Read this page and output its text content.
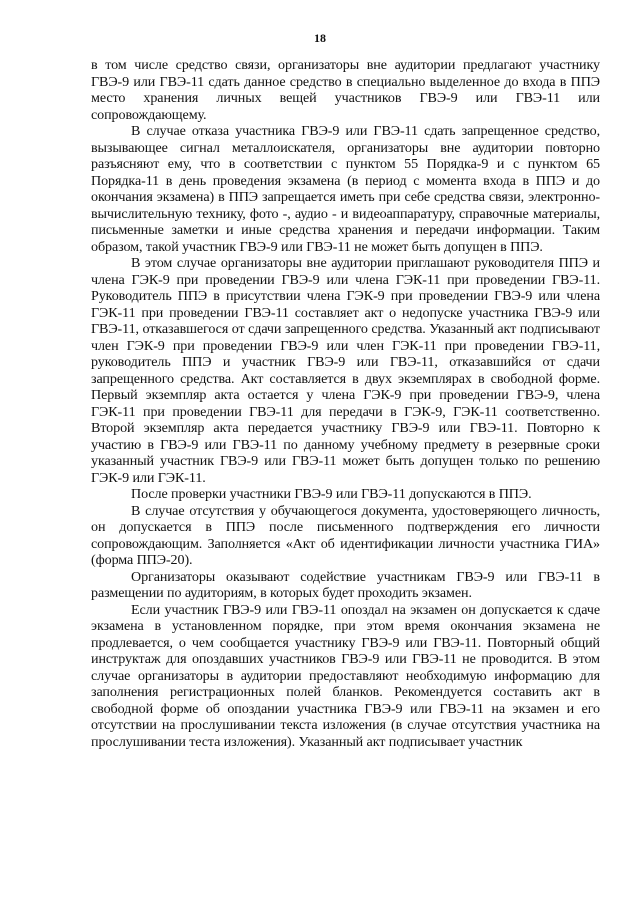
18

в том числе средство связи, организаторы вне аудитории предлагают участнику ГВЭ-9 или ГВЭ-11 сдать данное средство в специально выделенное до входа в ППЭ место хранения личных вещей участников ГВЭ-9 или ГВЭ-11 или сопровождающему.

В случае отказа участника ГВЭ-9 или ГВЭ-11 сдать запрещенное средство, вызывающее сигнал металлоискателя, организаторы вне аудитории повторно разъясняют ему, что в соответствии с пунктом 55 Порядка-9 и с пунктом 65 Порядка-11 в день проведения экзамена (в период с момента входа в ППЭ и до окончания экзамена) в ППЭ запрещается иметь при себе средства связи, электронно-вычислительную технику, фото -, аудио - и видеоаппаратуру, справочные материалы, письменные заметки и иные средства хранения и передачи информации. Таким образом, такой участник ГВЭ-9 или ГВЭ-11 не может быть допущен в ППЭ.

В этом случае организаторы вне аудитории приглашают руководителя ППЭ и члена ГЭК-9 при проведении ГВЭ-9 или члена ГЭК-11 при проведении ГВЭ-11. Руководитель ППЭ в присутствии члена ГЭК-9 при проведении ГВЭ-9 или члена ГЭК-11 при проведении ГВЭ-11 составляет акт о недопуске участника ГВЭ-9 или ГВЭ-11, отказавшегося от сдачи запрещенного средства. Указанный акт подписывают член ГЭК-9 при проведении ГВЭ-9 или член ГЭК-11 при проведении ГВЭ-11, руководитель ППЭ и участник ГВЭ-9 или ГВЭ-11, отказавшийся от сдачи запрещенного средства. Акт составляется в двух экземплярах в свободной форме. Первый экземпляр акта остается у члена ГЭК-9 при проведении ГВЭ-9, члена ГЭК-11 при проведении ГВЭ-11 для передачи в ГЭК-9, ГЭК-11 соответственно. Второй экземпляр акта передается участнику ГВЭ-9 или ГВЭ-11. Повторно к участию в ГВЭ-9 или ГВЭ-11 по данному учебному предмету в резервные сроки указанный участник ГВЭ-9 или ГВЭ-11 может быть допущен только по решению ГЭК-9 или ГЭК-11.

После проверки участники ГВЭ-9 или ГВЭ-11 допускаются в ППЭ.

В случае отсутствия у обучающегося документа, удостоверяющего личность, он допускается в ППЭ после письменного подтверждения его личности сопровождающим. Заполняется «Акт об идентификации личности участника ГИА» (форма ППЭ-20).

Организаторы оказывают содействие участникам ГВЭ-9 или ГВЭ-11 в размещении по аудиториям, в которых будет проходить экзамен.

Если участник ГВЭ-9 или ГВЭ-11 опоздал на экзамен он допускается к сдаче экзамена в установленном порядке, при этом время окончания экзамена не продлевается, о чем сообщается участнику ГВЭ-9 или ГВЭ-11. Повторный общий инструктаж для опоздавших участников ГВЭ-9 или ГВЭ-11 не проводится. В этом случае организаторы в аудитории предоставляют необходимую информацию для заполнения регистрационных полей бланков. Рекомендуется составить акт в свободной форме об опоздании участника ГВЭ-9 или ГВЭ-11 на экзамен и его отсутствии на прослушивании текста изложения (в случае отсутствия участника на прослушивании теста изложения). Указанный акт подписывает участник
